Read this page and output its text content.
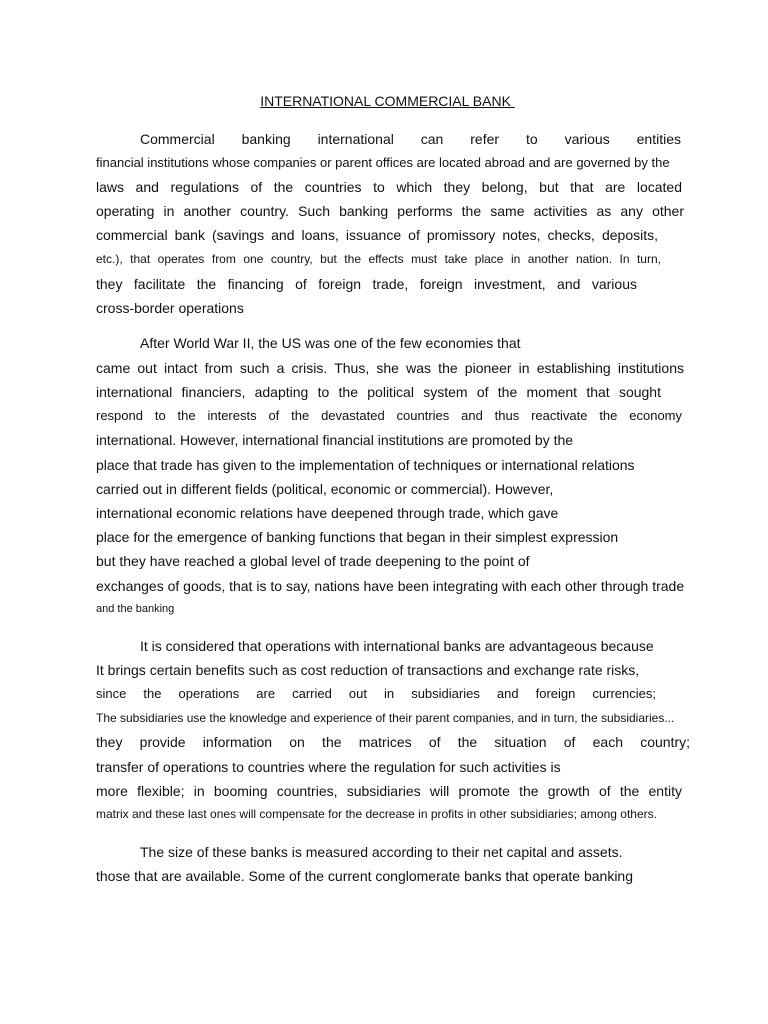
INTERNATIONAL COMMERCIAL BANK

Commercial banking international can refer to various entities

financial institutions whose companies or parent offices are located abroad and are governed by the

laws and regulations of the countries to which they belong, but that are located

operating in another country. Such banking performs the same activities as any other

commercial bank (savings and loans, issuance of promissory notes, checks, deposits,

etc.), that operates from one country, but the effects must take place in another nation. In turn,

they facilitate the financing of foreign trade, foreign investment, and various

cross-border operations

After World War II, the US was one of the few economies that

came out intact from such a crisis. Thus, she was the pioneer in establishing institutions

international financiers, adapting to the political system of the moment that sought

respond to the interests of the devastated countries and thus reactivate the economy

international. However, international financial institutions are promoted by the

place that trade has given to the implementation of techniques or international relations

carried out in different fields (political, economic or commercial). However,

international economic relations have deepened through trade, which gave

place for the emergence of banking functions that began in their simplest expression

but they have reached a global level of trade deepening to the point of

exchanges of goods, that is to say, nations have been integrating with each other through trade

and the banking

It is considered that operations with international banks are advantageous because

It brings certain benefits such as cost reduction of transactions and exchange rate risks,

since the operations are carried out in subsidiaries and foreign currencies;

The subsidiaries use the knowledge and experience of their parent companies, and in turn, the subsidiaries...

they provide information on the matrices of the situation of each country;

transfer of operations to countries where the regulation for such activities is

more flexible; in booming countries, subsidiaries will promote the growth of the entity

matrix and these last ones will compensate for the decrease in profits in other subsidiaries; among others.

The size of these banks is measured according to their net capital and assets.

those that are available. Some of the current conglomerate banks that operate banking
